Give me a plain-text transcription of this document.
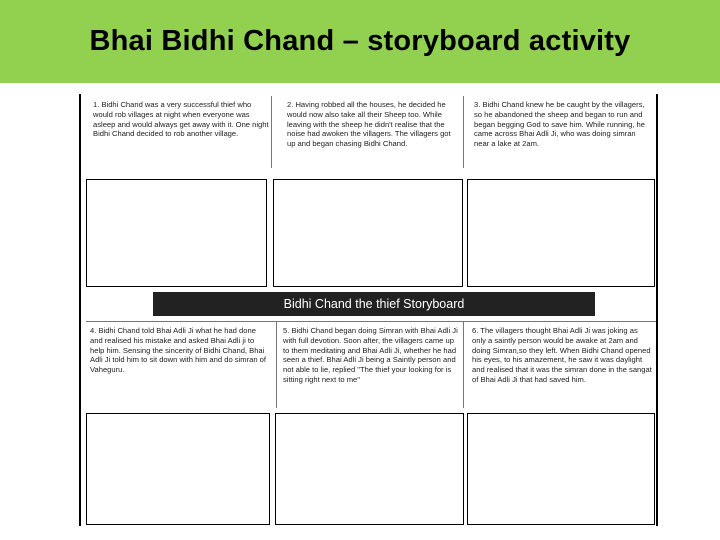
Bhai Bidhi Chand – storyboard activity
1. Bidhi Chand was a very successful thief who would rob villages at night when everyone was asleep and would always get away with it. One night Bidhi Chand decided to rob another village.
2. Having robbed all the houses, he decided he would now also take all their Sheep too. While leaving with the sheep he didn't realise that the noise had awoken the villagers. The villagers got up and began chasing Bidhi Chand.
3. Bidhi Chand knew he be caught by the villagers, so he abandoned the sheep and began to run and began begging God to save him. While running, he came across Bhai Adli Ji, who was doing simran near a lake at 2am.
Bidhi Chand the thief Storyboard
4. Bidhi Chand told Bhai Adli Ji what he had done and realised his mistake and asked Bhai Adli ji to help him. Sensing the sincerity of Bidhi Chand, Bhai Adli Ji told him to sit down with him and do simran of Vaheguru.
5. Bidhi Chand began doing Simran with Bhai Adli Ji with full devotion. Soon after, the villagers came up to them meditating and Bhai Adli Ji, whether he had seen a thief. Bhai Adli Ji being a Saintly person and not able to lie, replied "The thief your looking for is sitting right next to me"
6. The villagers thought Bhai Adli Ji was joking as only a saintly person would be awake at 2am and doing Simran,so they left. When Bidhi Chand opened his eyes, to his amazement, he saw it was daylight and realised that it was the simran done in the sangat of Bhai Adli Ji that had saved him.
